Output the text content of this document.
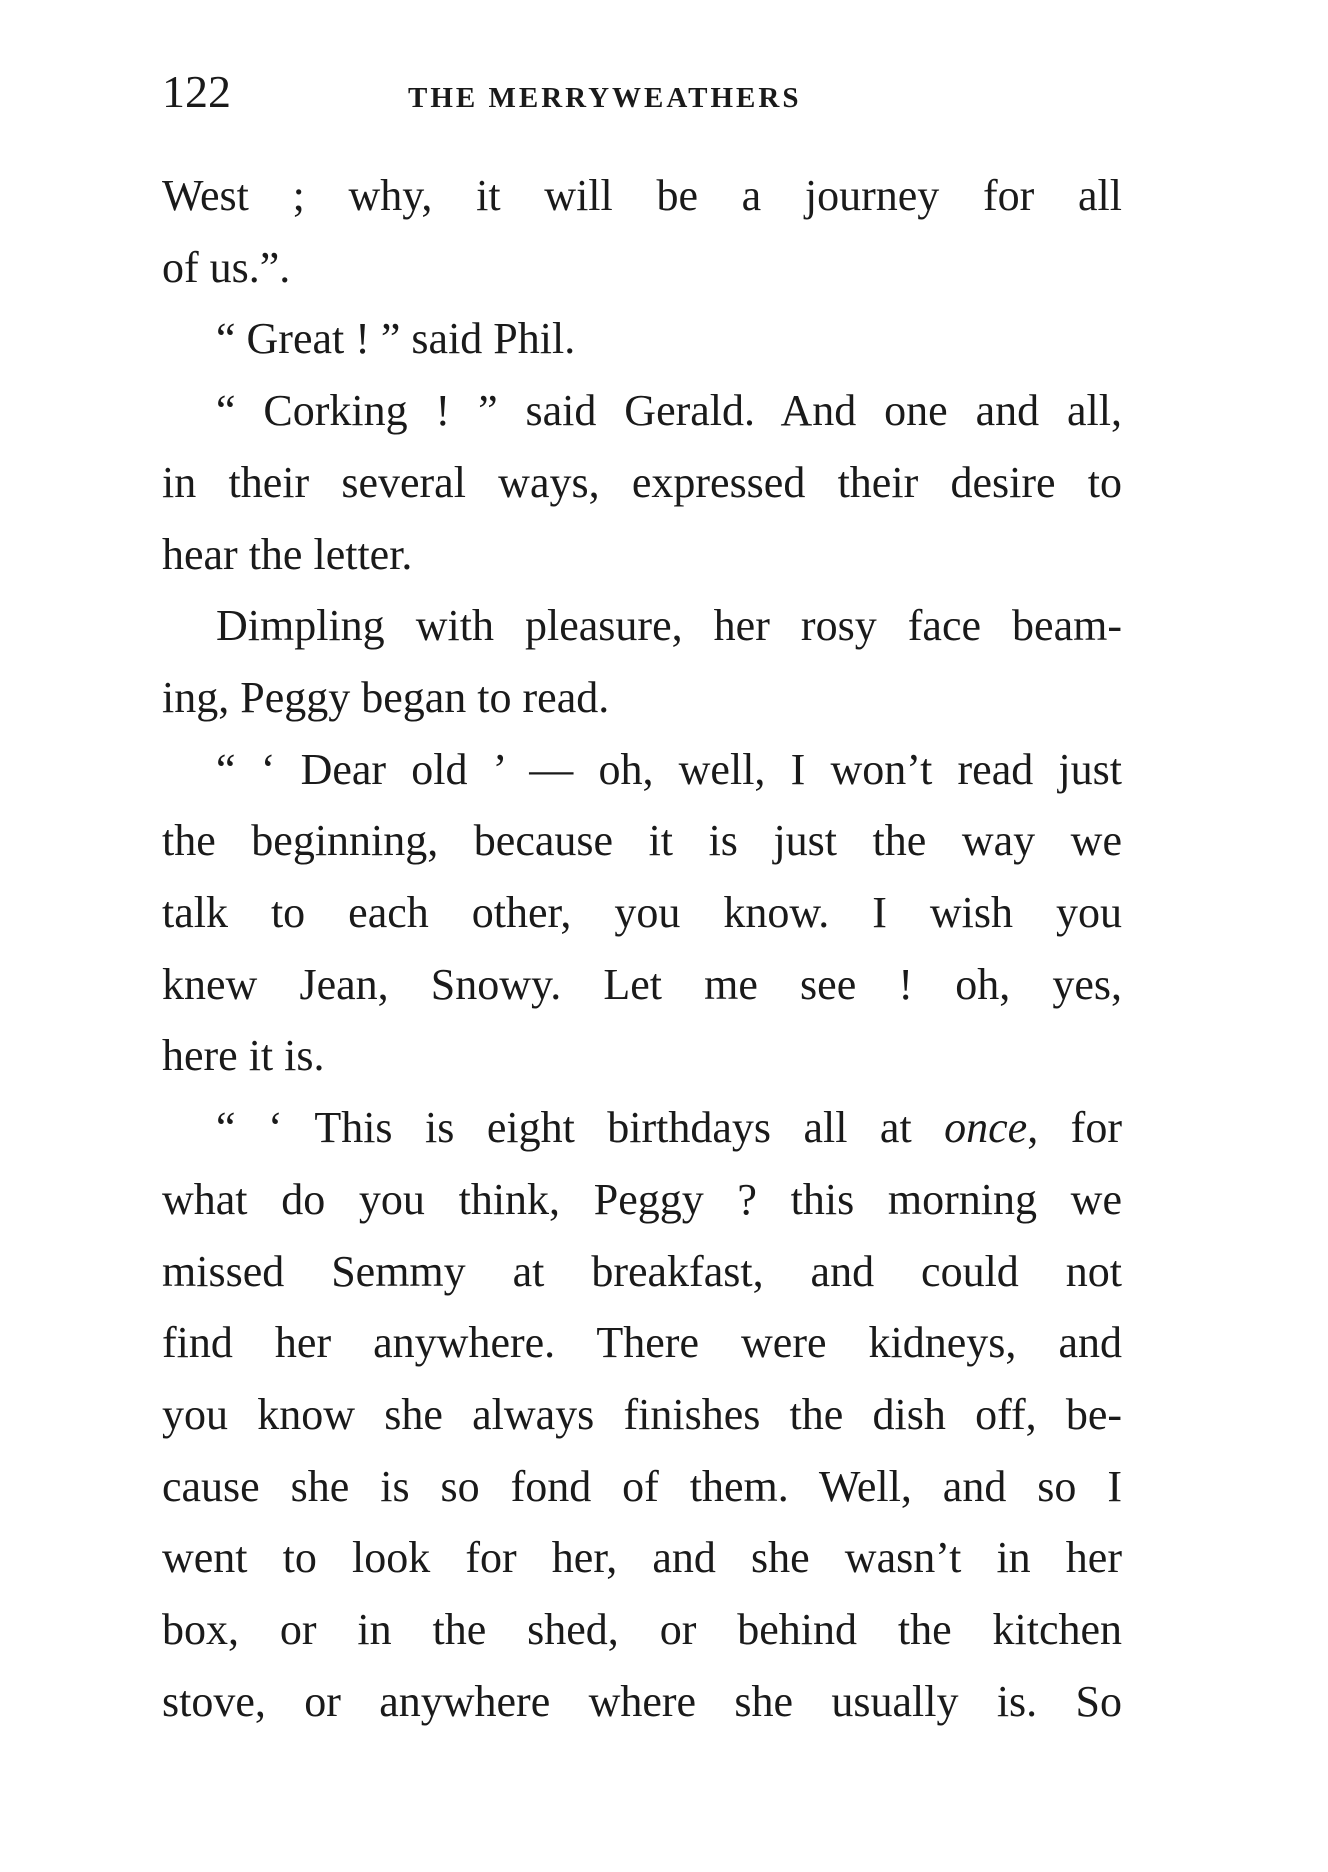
122	THE MERRYWEATHERS
West ; why, it will be a journey for all
of us.”.
“ Great ! ” said Phil.
“ Corking ! ” said Gerald. And one and all,
in their several ways, expressed their desire to
hear the letter.
Dimpling with pleasure, her rosy face beam-
ing, Peggy began to read.
“ ‘ Dear old ’ — oh, well, I won’t read just
the beginning, because it is just the way we
talk to each other, you know. I wish you
knew Jean, Snowy. Let me see ! oh, yes,
here it is.
“ ‘ This is eight birthdays all at once, for
what do you think, Peggy ? this morning we
missed Semmy at breakfast, and could not
find her anywhere. There were kidneys, and
you know she always finishes the dish off, be-
cause she is so fond of them. Well, and so I
went to look for her, and she wasn’t in her
box, or in the shed, or behind the kitchen
stove, or anywhere where she usually is. So
